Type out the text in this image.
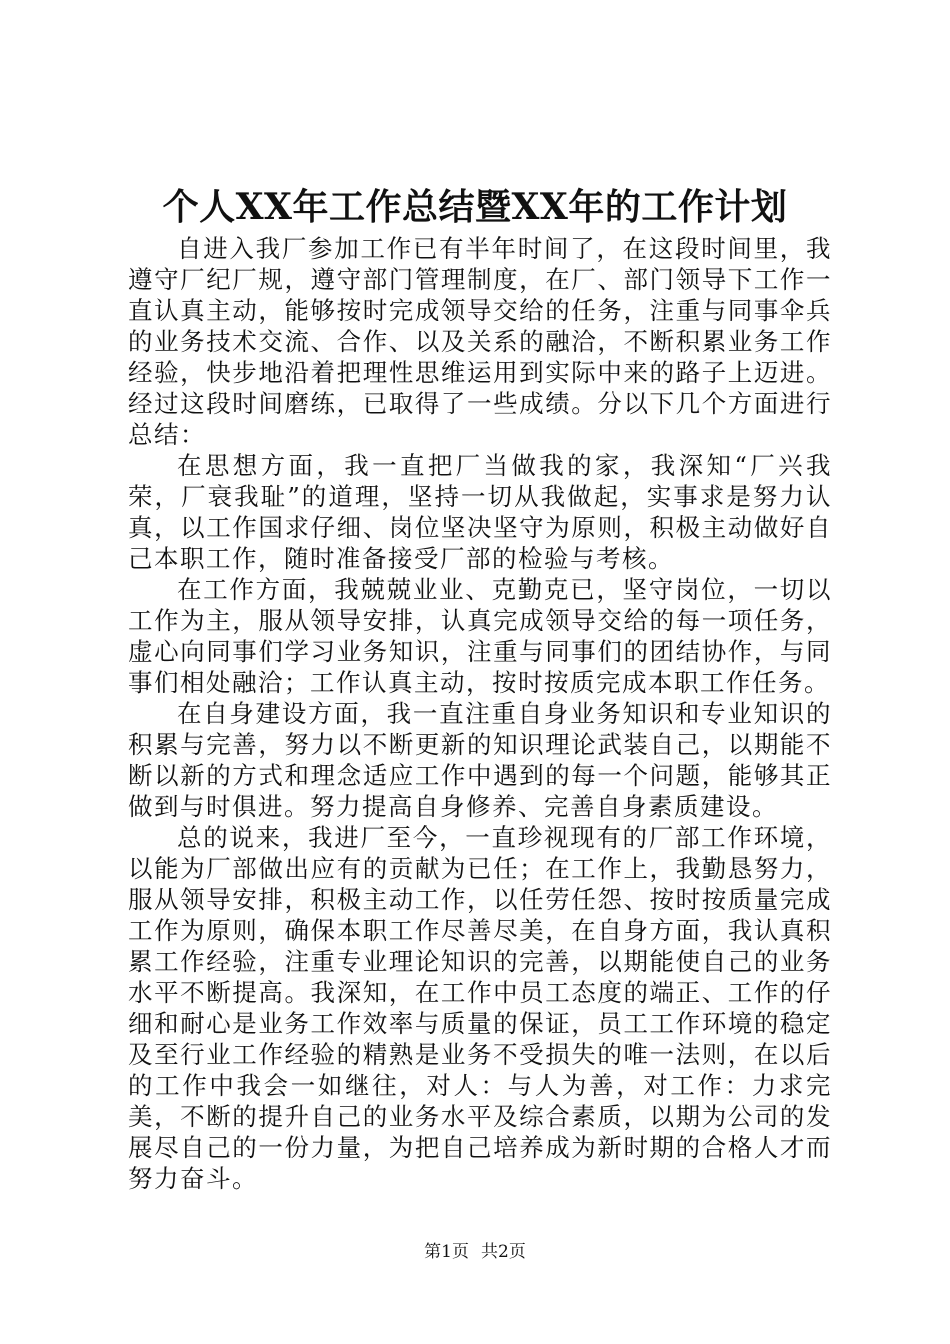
个人XX年工作总结暨XX年的工作计划

自进入我厂参加工作已有半年时间了，在这段时间里，我遵守厂纪厂规，遵守部门管理制度，在厂、部门领导下工作一直认真主动，能够按时完成领导交给的任务，注重与同事伞兵的业务技术交流、合作、以及关系的融洽，不断积累业务工作经验，快步地沿着把理性思维运用到实际中来的路子上迈进。经过这段时间磨练，已取得了一些成绩。分以下几个方面进行总结：

在思想方面，我一直把厂当做我的家，我深知“厂兴我荣，厂衰我耻”的道理，坚持一切从我做起，实事求是努力认真，以工作国求仔细、岗位坚决坚守为原则，积极主动做好自己本职工作，随时准备接受厂部的检验与考核。

在工作方面，我兢兢业业、克勤克已，坚守岗位，一切以工作为主，服从领导安排，认真完成领导交给的每一项任务，虚心向同事们学习业务知识，注重与同事们的团结协作，与同事们相处融洽；工作认真主动，按时按质完成本职工作任务。

在自身建设方面，我一直注重自身业务知识和专业知识的积累与完善，努力以不断更新的知识理论武装自己，以期能不断以新的方式和理念适应工作中遇到的每一个问题，能够其正做到与时俱进。努力提高自身修养、完善自身素质建设。

总的说来，我进厂至今，一直珍视现有的厂部工作环境，以能为厂部做出应有的贡献为已任；在工作上，我勤恳努力，服从领导安排，积极主动工作，以任劳任怨、按时按质量完成工作为原则，确保本职工作尽善尽美，在自身方面，我认真积累工作经验，注重专业理论知识的完善，以期能使自己的业务水平不断提高。我深知，在工作中员工态度的端正、工作的仔细和耐心是业务工作效率与质量的保证，员工工作环境的稳定及至行业工作经验的精熟是业务不受损失的唯一法则，在以后的工作中我会一如继往，对人：与人为善，对工作：力求完美，不断的提升自己的业务水平及综合素质，以期为公司的发展尽自己的一份力量，为把自己培养成为新时期的合格人才而努力奋斗。

第1页 共2页
